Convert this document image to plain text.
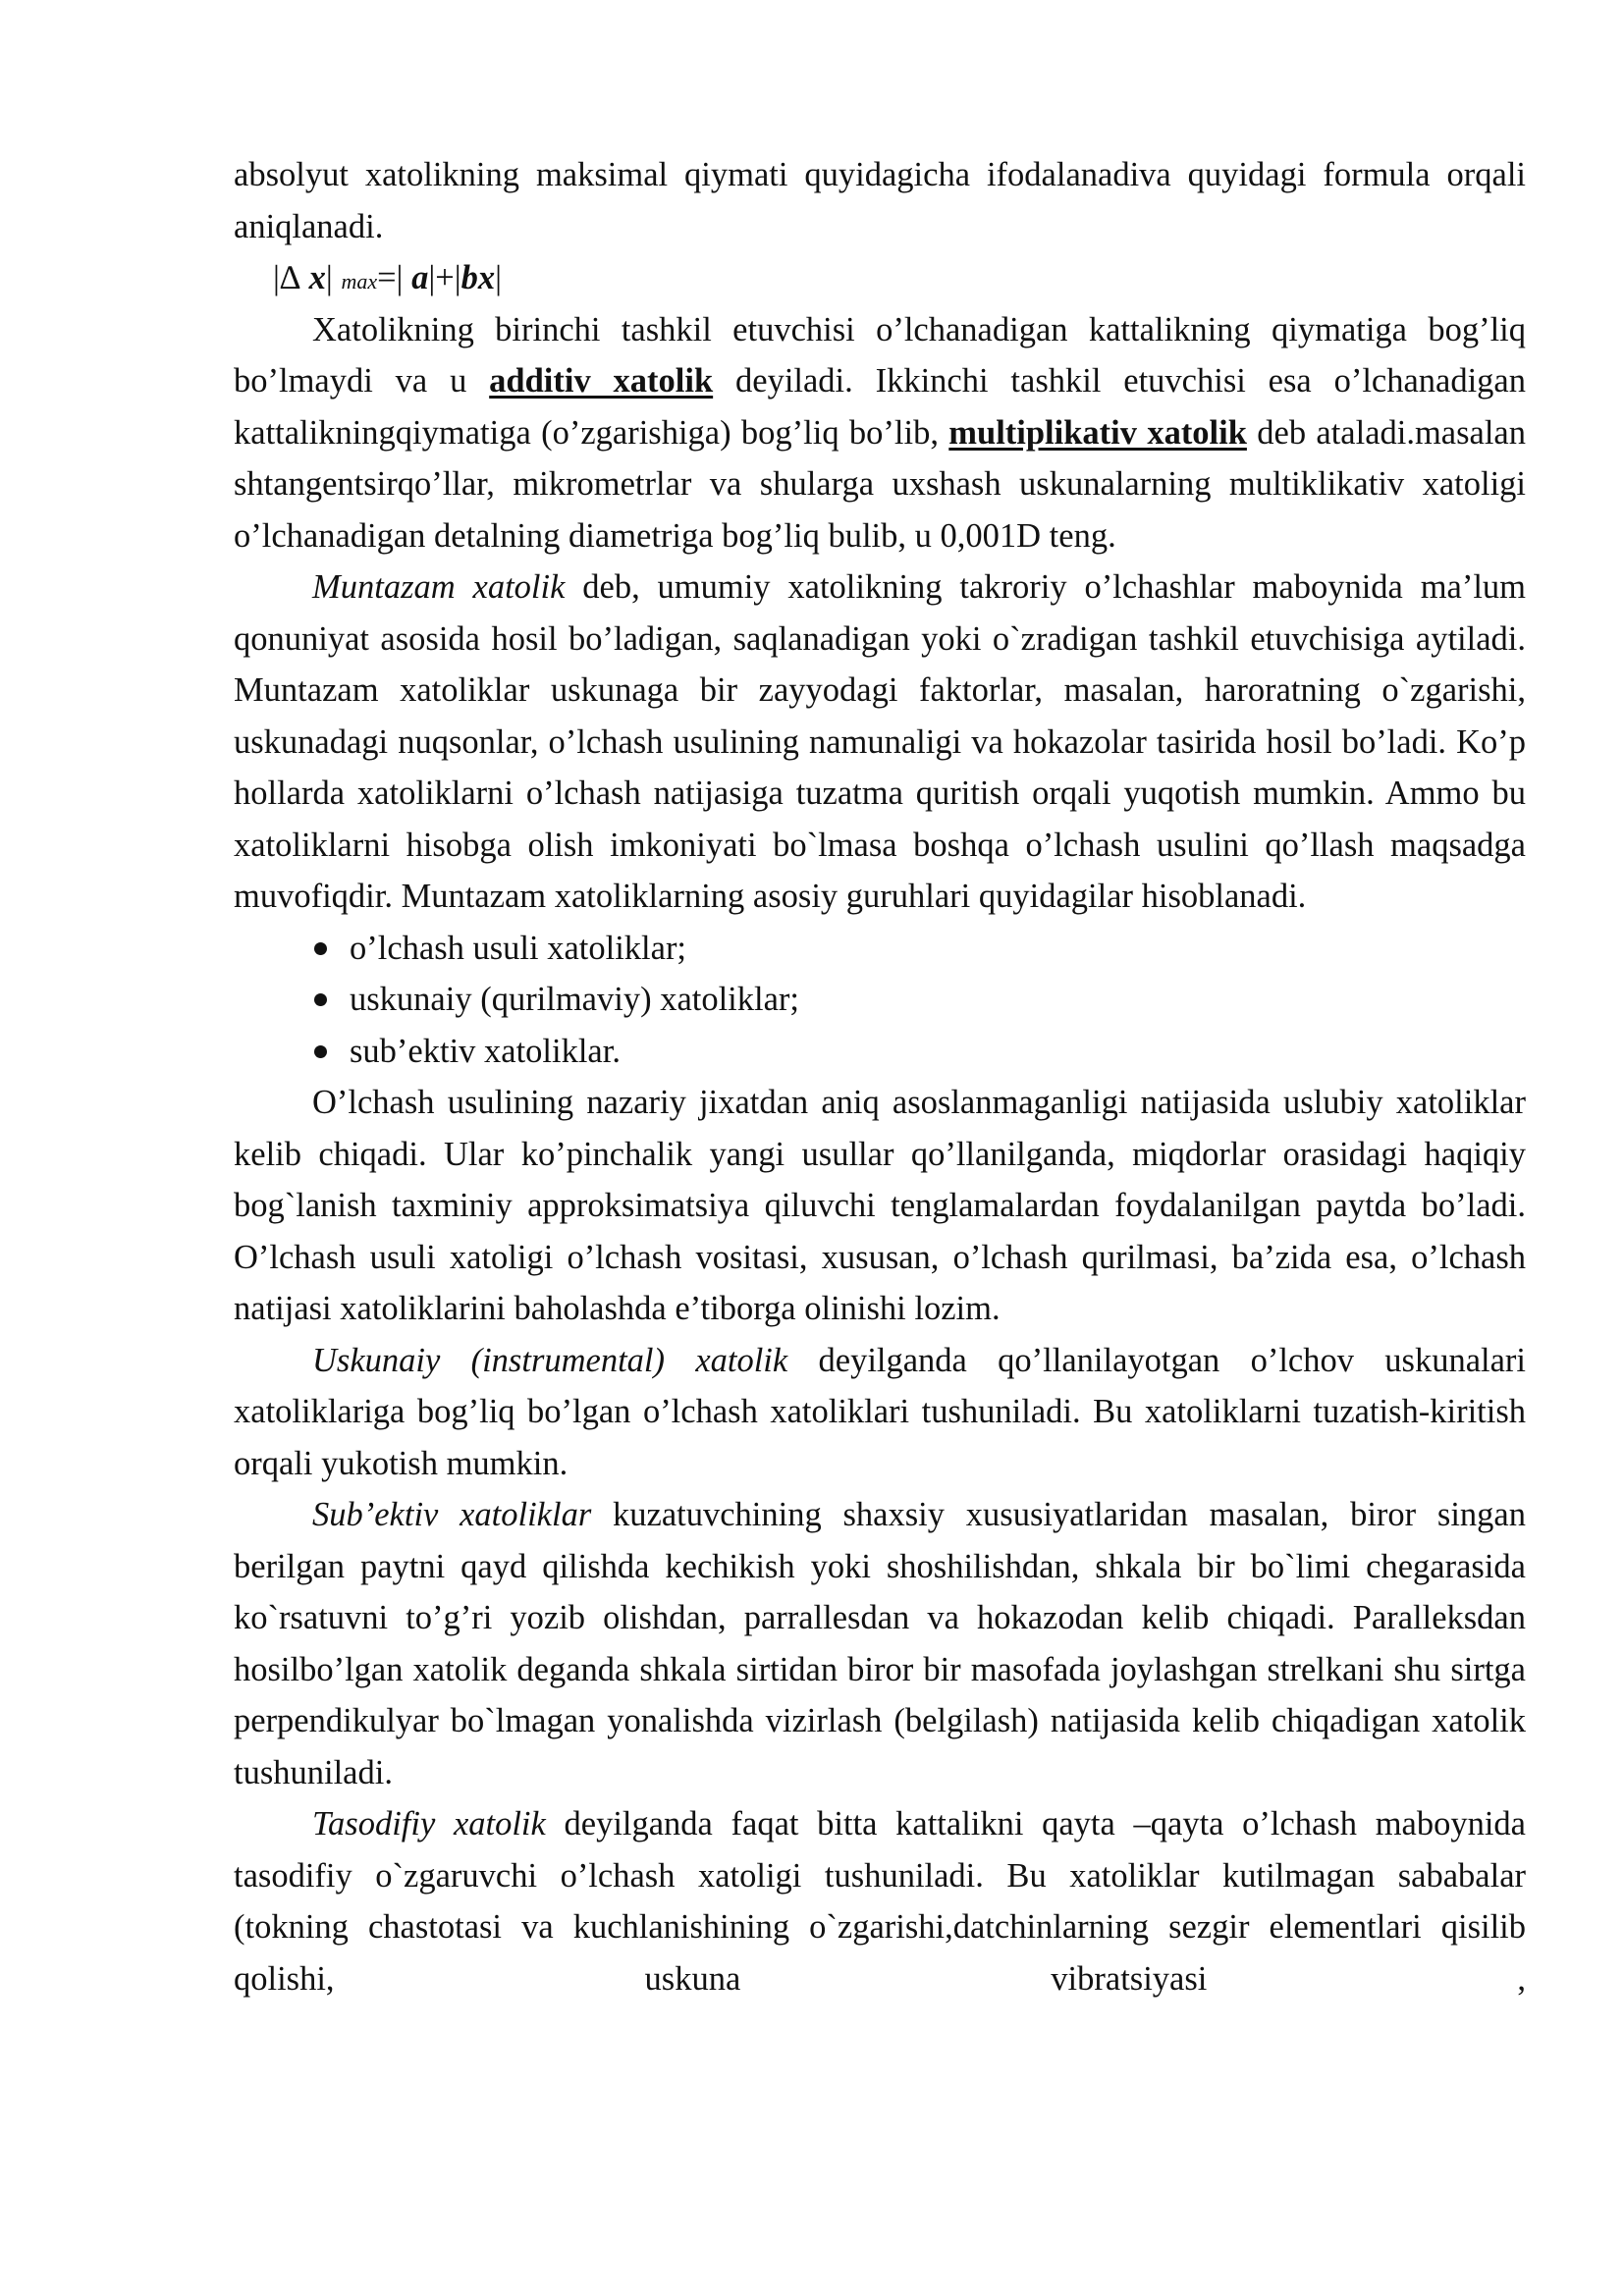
absolyut xatolikning maksimal qiymati quyidagicha ifodalanadiva quyidagi formula orqali aniqlanadi.

|∆ x| max=| a|+|bx|

Xatolikning birinchi tashkil etuvchisi o’lchanadigan kattalikning qiymatiga bog’liq bo’lmaydi va u additiv xatolik deyiladi. Ikkinchi tashkil etuvchisi esa o’lchanadigan kattalikningqiymatiga (o’zgarishiga) bog’liq bo’lib, multiplikativ xatolik deb ataladi.masalan shtangentsirqo’llar, mikrometrlar va shularga uxshash uskunalarning multiklikativ xatoligi o’lchanadigan detalning diametriga bog’liq bulib, u 0,001D teng.

Muntazam xatolik deb, umumiy xatolikning takroriy o’lchashlar maboynida ma’lum qonuniyat asosida hosil bo’ladigan, saqlanadigan yoki o`zradigan tashkil etuvchisiga aytiladi. Muntazam xatoliklar uskunaga bir zayyodagi faktorlar, masalan, haroratning o`zgarishi, uskunadagi nuqsonlar, o’lchash usulining namunaligi va hokazolar tasirida hosil bo’ladi. Ko’p hollarda xatoliklarni o’lchash natijasiga tuzatma quritish orqali yuqotish mumkin. Ammo bu xatoliklarni hisobga olish imkoniyati bo`lmasa boshqa o’lchash usulini qo’llash maqsadga muvofiqdir. Muntazam xatoliklarning asosiy guruhlari quyidagilar hisoblanadi.

o’lchash usuli xatoliklar;
uskunaiy (qurilmaviy) xatoliklar;
sub’ektiv xatoliklar.

O’lchash usulining nazariy jixatdan aniq asoslanmaganligi natijasida uslubiy xatoliklar kelib chiqadi. Ular ko’pinchalik yangi usullar qo’llanilganda, miqdorlar orasidagi haqiqiy bog`lanish taxminiy approksimatsiya qiluvchi tenglamalardan foydalanilgan paytda bo’ladi. O’lchash usuli xatoligi o’lchash vositasi, xususan, o’lchash qurilmasi, ba’zida esa, o’lchash natijasi xatoliklarini baholashda e’tiborga olinishi lozim.

Uskunaiy (instrumental) xatolik deyilganda qo’llanilayotgan o’lchov uskunalari xatoliklariga bog’liq bo’lgan o’lchash xatoliklari tushuniladi. Bu xatoliklarni tuzatish-kiritish orqali yukotish mumkin.

Sub’ektiv xatoliklar kuzatuvchining shaxsiy xususiyatlaridan masalan, biror singan berilgan paytni qayd qilishda kechikish yoki shoshilishdan, shkala bir bo`limi chegarasida ko`rsatuvni to’g’ri yozib olishdan, parrallesdan va hokazodan kelib chiqadi. Paralleksdan hosilbo’lgan xatolik deganda shkala sirtidan biror bir masofada joylashgan strelkani shu sirtga perpendikulyar bo`lmagan yonalishda vizirlash (belgilash) natijasida kelib chiqadigan xatolik tushuniladi.

Tasodifiy xatolik deyilganda faqat bitta kattalikni qayta –qayta o’lchash maboynida tasodifiy o`zgaruvchi o’lchash xatoligi tushuniladi. Bu xatoliklar kutilmagan sababalar (tokning chastotasi va kuchlanishining o`zgarishi,datchinlarning sezgir elementlari qisilib qolishi, uskuna vibratsiyasi ,
